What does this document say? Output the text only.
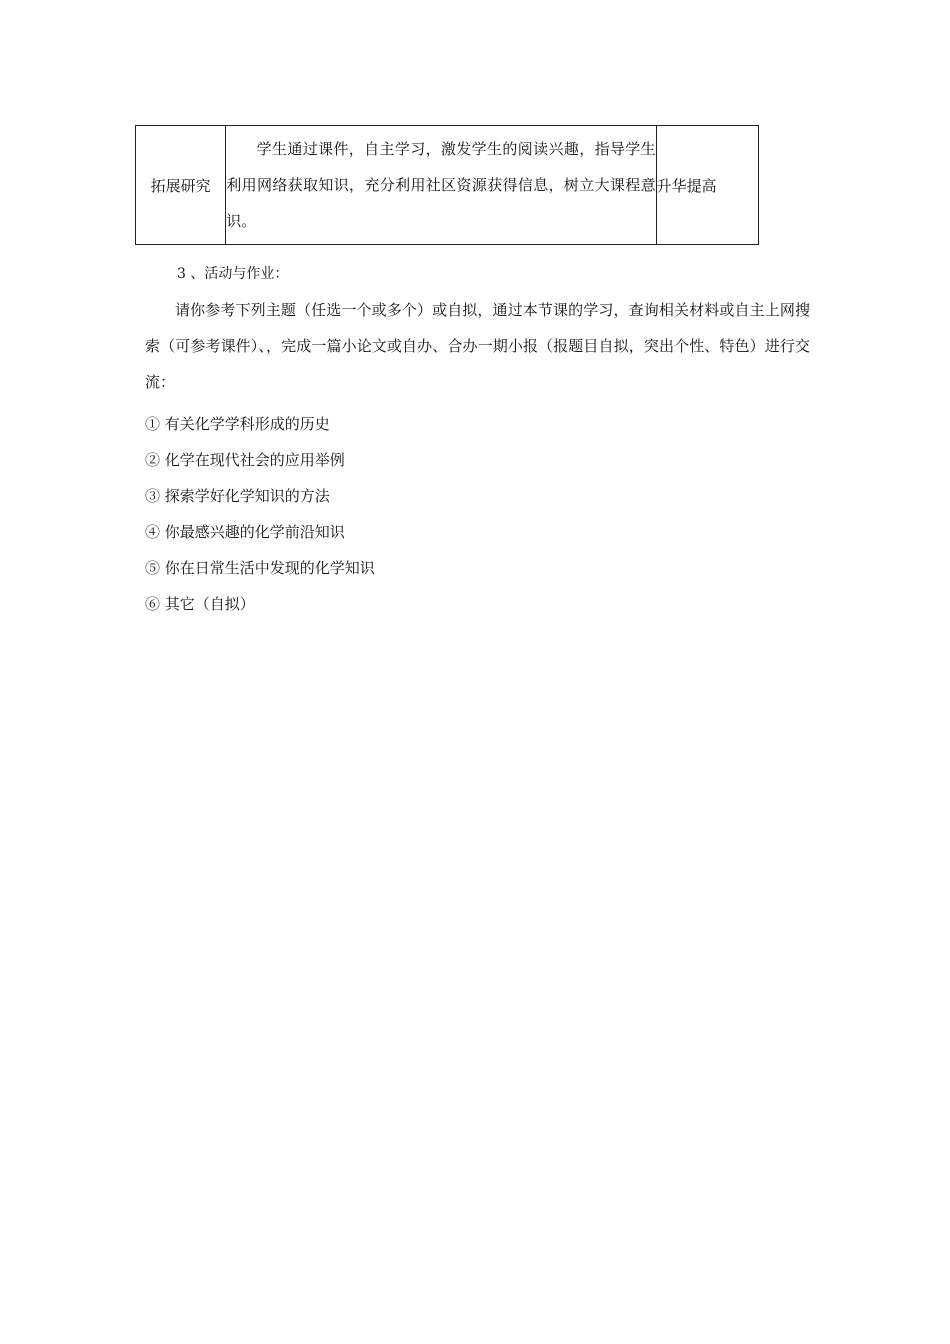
拓展研究	学生通过课件，自主学习，激发学生的阅读兴趣，指导学生利用网络获取知识，充分利用社区资源获得信息，树立大课程意识。	升华提高
3 、活动与作业：
请你参考下列主题（任选一个或多个）或自拟，通过本节课的学习，查询相关材料或自主上网搜索（可参考课件）、，完成一篇小论文或自办、合办一期小报（报题目自拟，突出个性、特色）进行交流：
① 有关化学学科形成的历史
② 化学在现代社会的应用举例
③ 探索学好化学知识的方法
④ 你最感兴趣的化学前沿知识
⑤ 你在日常生活中发现的化学知识
⑥ 其它（自拟）
